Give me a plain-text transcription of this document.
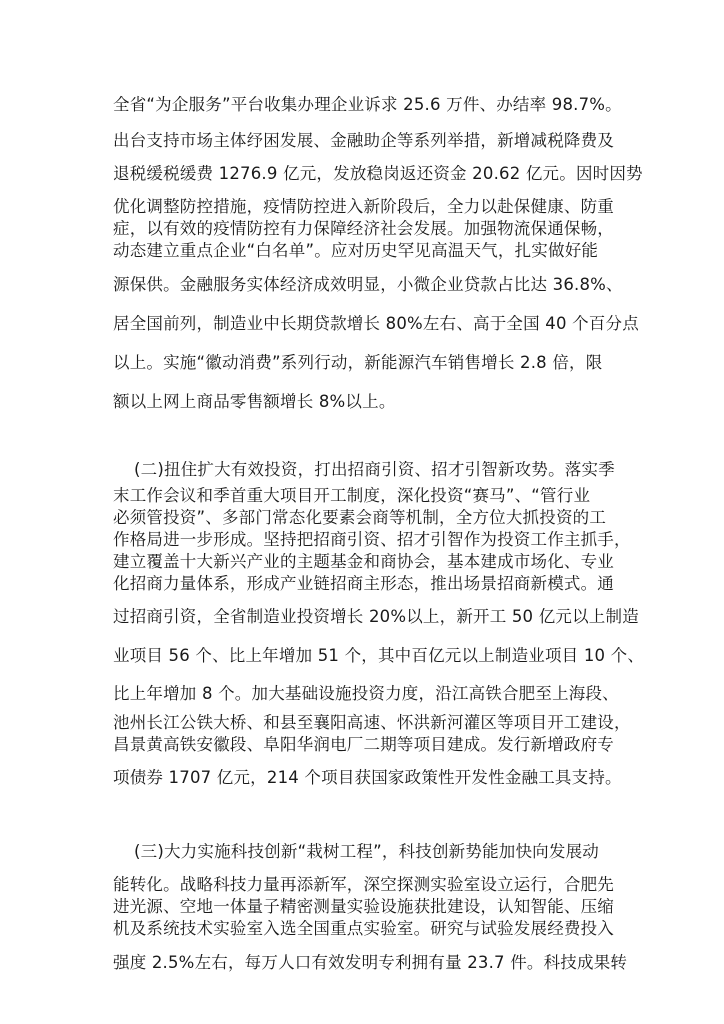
全省“为企服务”平台收集办理企业诉求 25.6 万件、办结率 98.7%。
出台支持市场主体纾困发展、金融助企等系列举措，新增减税降费及
退税缓税缓费 1276.9 亿元，发放稳岗返还资金 20.62 亿元。因时因势
优化调整防控措施，疫情防控进入新阶段后，全力以赴保健康、防重
症，以有效的疫情防控有力保障经济社会发展。加强物流保通保畅，
动态建立重点企业“白名单”。应对历史罕见高温天气，扎实做好能
源保供。金融服务实体经济成效明显，小微企业贷款占比达 36.8%、
居全国前列，制造业中长期贷款增长 80%左右、高于全国 40 个百分点
以上。实施“徽动消费”系列行动，新能源汽车销售增长 2.8 倍，限
额以上网上商品零售额增长 8%以上。
(二)扭住扩大有效投资，打出招商引资、招才引智新攻势。落实季
末工作会议和季首重大项目开工制度，深化投资“赛马”、“管行业
必须管投资”、多部门常态化要素会商等机制，全方位大抓投资的工
作格局进一步形成。坚持把招商引资、招才引智作为投资工作主抓手，
建立覆盖十大新兴产业的主题基金和商协会，基本建成市场化、专业
化招商力量体系，形成产业链招商主形态，推出场景招商新模式。通
过招商引资，全省制造业投资增长 20%以上，新开工 50 亿元以上制造
业项目 56 个、比上年增加 51 个，其中百亿元以上制造业项目 10 个、
比上年增加 8 个。加大基础设施投资力度，沿江高铁合肥至上海段、
池州长江公铁大桥、和县至襄阳高速、怀洪新河灌区等项目开工建设，
昌景黄高铁安徽段、阜阳华润电厂二期等项目建成。发行新增政府专
项债券 1707 亿元，214 个项目获国家政策性开发性金融工具支持。
(三)大力实施科技创新“栽树工程”，科技创新势能加快向发展动
能转化。战略科技力量再添新军，深空探测实验室设立运行，合肥先
进光源、空地一体量子精密测量实验设施获批建设，认知智能、压缩
机及系统技术实验室入选全国重点实验室。研究与试验发展经费投入
强度 2.5%左右，每万人口有效发明专利拥有量 23.7 件。科技成果转
